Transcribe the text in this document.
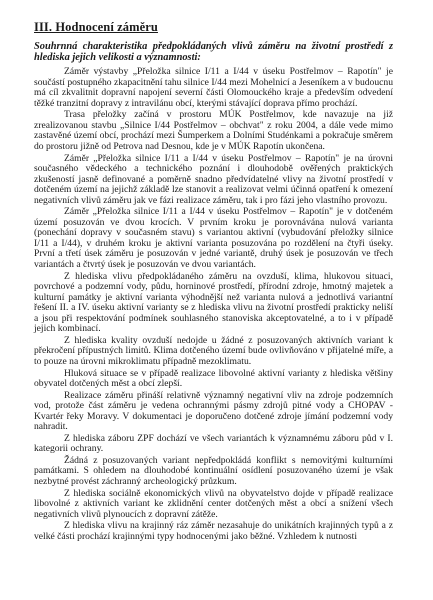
III. Hodnocení záměru
Souhrnná charakteristika předpokládaných vlivů záměru na životní prostředí z hlediska jejich velikosti a významnosti:
Záměr výstavby „Přeložka silnice I/11 a I/44 v úseku Postřelmov – Rapotín" je součástí postupného zkapacitnění tahu silnice I/44 mezi Mohelnicí a Jeseníkem a v budoucnu má cíl zkvalitnit dopravní napojení severní části Olomouckého kraje a především odvedení těžké tranzitní dopravy z intravilánu obcí, kterými stávající doprava přímo prochází.
Trasa přeložky začíná v prostoru MÚK Postřelmov, kde navazuje na již zrealizovanou stavbu „Silnice I/44 Postřelmov – obchvat" z roku 2004, a dále vede mimo zastavěné území obcí, prochází mezi Šumperkem a Dolními Studénkami a pokračuje směrem do prostoru jižně od Petrova nad Desnou, kde je v MÚK Rapotín ukončena.
Záměr „Přeložka silnice I/11 a I/44 v úseku Postřelmov – Rapotín" je na úrovni současného vědeckého a technického poznání i dlouhodobě ověřených praktických zkušeností jasně definované a poměrně snadno předvídatelné vlivy na životní prostředí v dotčeném území na jejichž základě lze stanovit a realizovat velmi účinná opatření k omezení negativních vlivů záměru jak ve fázi realizace záměru, tak i pro fázi jeho vlastního provozu.
Záměr „Přeložka silnice I/11 a I/44 v úseku Postřelmov – Rapotín" je v dotčeném území posuzován ve dvou krocích. V prvním kroku je porovnávána nulová varianta (ponechání dopravy v současném stavu) s variantou aktivní (vybudování přeložky silnice I/11 a I/44), v druhém kroku je aktivní varianta posuzována po rozdělení na čtyři úseky. První a třetí úsek záměru je posuzován v jedné variantě, druhý úsek je posuzován ve třech variantách a čtvrtý úsek je posuzován ve dvou variantách.
Z hlediska vlivu předpokládaného záměru na ovzduší, klima, hlukovou situaci, povrchové a podzemní vody, půdu, horninové prostředí, přírodní zdroje, hmotný majetek a kulturní památky je aktivní varianta výhodnější než varianta nulová a jednotlivá variantní řešení II. a IV. úseku aktivní varianty se z hlediska vlivu na životní prostředí prakticky neliší a jsou při respektování podmínek souhlasného stanoviska akceptovatelné, a to i v případě jejich kombinací.
Z hlediska kvality ovzduší nedojde u žádné z posuzovaných aktivních variant k překročení přípustných limitů. Klima dotčeného území bude ovlivňováno v přijatelné míře, a to pouze na úrovni mikroklimatu případně mezoklimatu.
Hluková situace se v případě realizace libovolné aktivní varianty z hlediska většiny obyvatel dotčených měst a obcí zlepší.
Realizace záměru přináší relativně významný negativní vliv na zdroje podzemních vod, protože část záměru je vedena ochrannými pásmy zdrojů pitné vody a CHOPAV - Kvartér řeky Moravy. V dokumentaci je doporučeno dotčené zdroje jímání podzemní vody nahradit.
Z hlediska záboru ZPF dochází ve všech variantách k významnému záboru půd v I. kategorii ochrany.
Žádná z posuzovaných variant nepředpokládá konflikt s nemovitými kulturními památkami. S ohledem na dlouhodobé kontinuální osídlení posuzovaného území je však nezbytné provést záchranný archeologický průzkum.
Z hlediska sociálně ekonomických vlivů na obyvatelstvo dojde v případě realizace libovolné z aktivních variant ke zklidnění center dotčených měst a obcí a snížení všech negativních vlivů plynoucích z dopravní zátěže.
Z hlediska vlivu na krajinný ráz záměr nezasahuje do unikátních krajinných typů a z velké části prochází krajinnými typy hodnocenými jako běžné. Vzhledem k nutnosti
